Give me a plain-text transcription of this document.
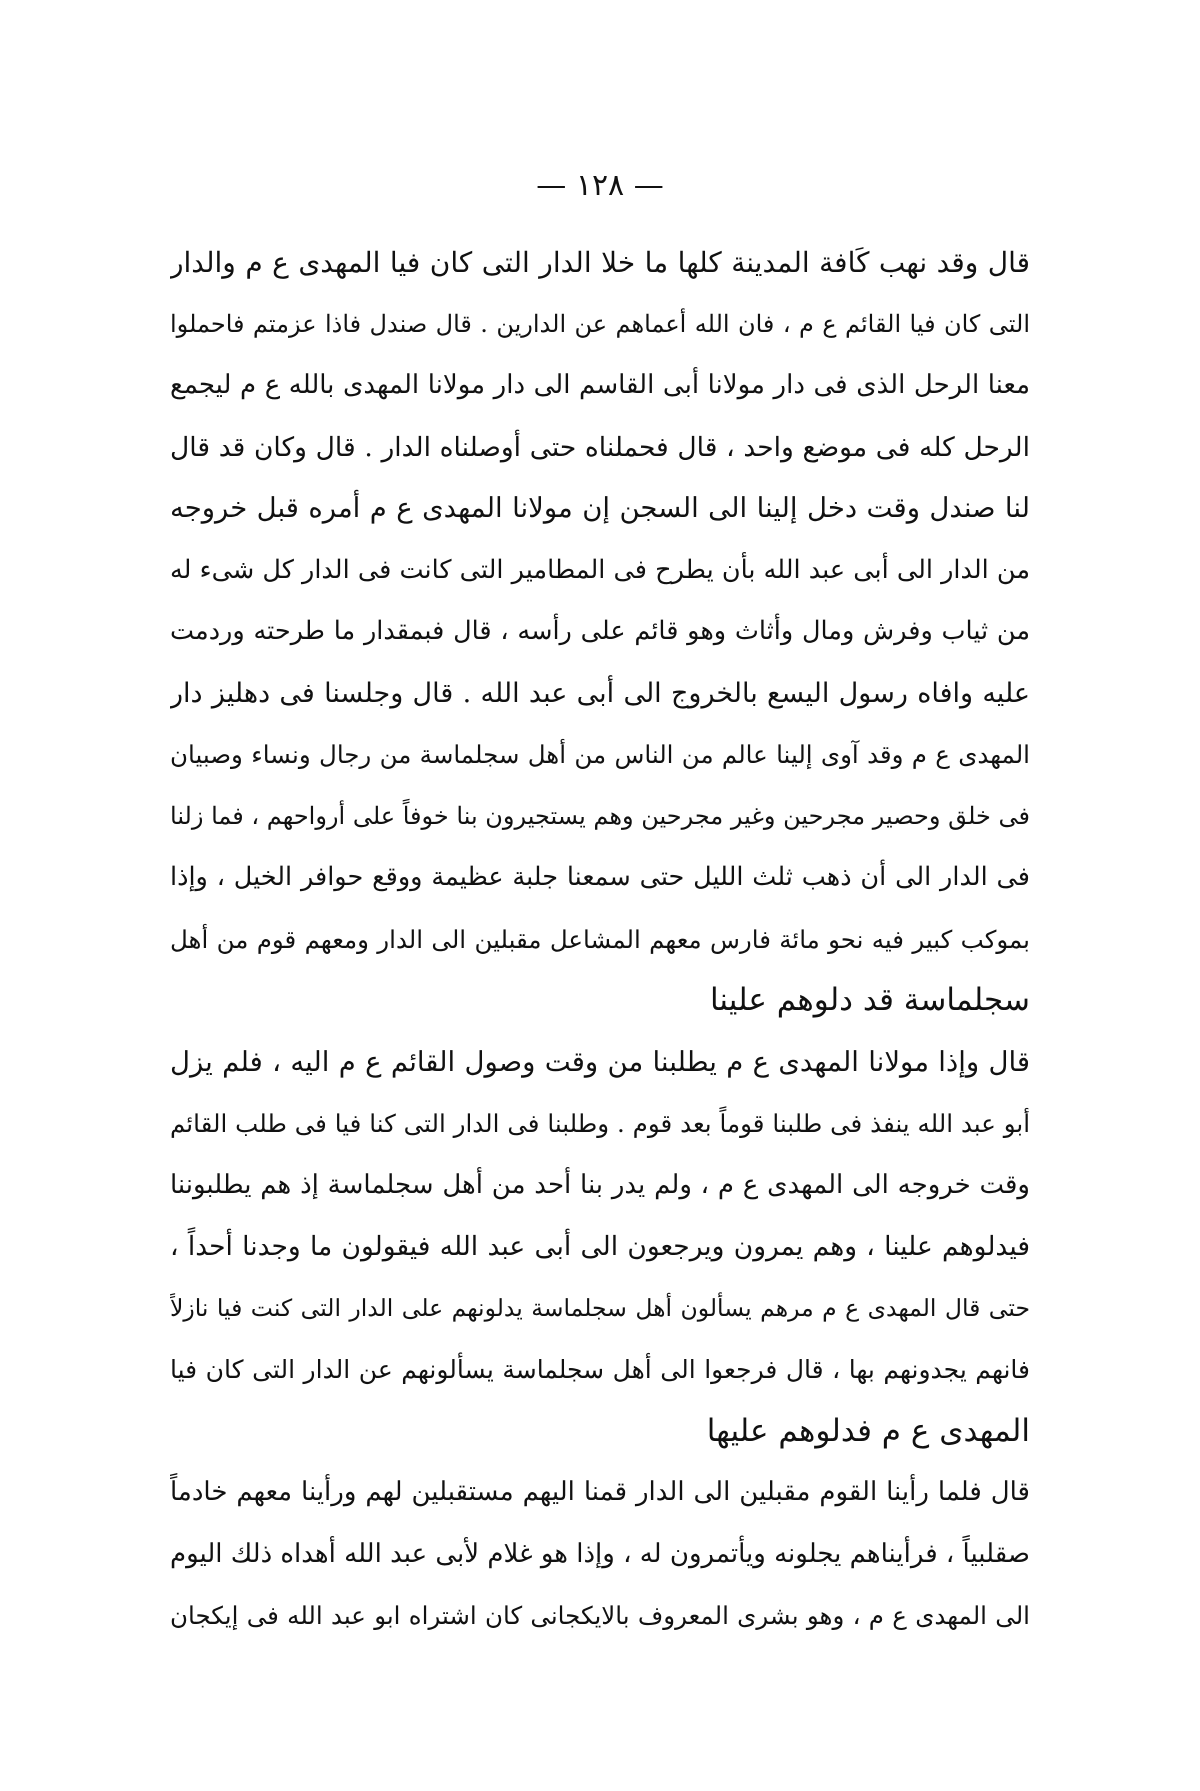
— ١٢٨ —
قال وقد نهب كَافة المدينة كلها ما خلا الدار التى كان فيا المهدى ع م والدار
التى كان فيا القائم ع م ، فان الله أعماهم عن الدارين . قال صندل فاذا عزمتم فاحملوا
معنا الرحل الذى فى دار مولانا أبى القاسم الى دار مولانا المهدى بالله ع م ليجمع
الرحل كله فى موضع واحد ، قال فحملناه حتى أوصلناه الدار . قال وكان قد قال
لنا صندل وقت دخل إلينا الى السجن إن مولانا المهدى ع م أمره قبل خروجه
من الدار الى أبى عبد الله بأن يطرح فى المطامير التى كانت فى الدار كل شىء له
من ثياب وفرش ومال وأثاث وهو قائم على رأسه ، قال فبمقدار ما طرحته وردمت
عليه وافاه رسول اليسع بالخروج الى أبى عبد الله . قال وجلسنا فى دهليز دار
المهدى ع م وقد آوى إلينا عالم من الناس من أهل سجلماسة من رجال ونساء وصبيان
فى خلق وحصير مجرحين وغير مجرحين وهم يستجيرون بنا خوفاً على أرواحهم ، فما زلنا
فى الدار الى أن ذهب ثلث الليل حتى سمعنا جلبة عظيمة ووقع حوافر الخيل ، وإذا
بموكب كبير فيه نحو مائة فارس معهم المشاعل مقبلين الى الدار ومعهم قوم من أهل
سجلماسة قد دلوهم علينا
قال وإذا مولانا المهدى ع م يطلبنا من وقت وصول القائم ع م اليه ، فلم يزل
أبو عبد الله ينفذ فى طلبنا قوماً بعد قوم . وطلبنا فى الدار التى كنا فيا فى طلب القائم
وقت خروجه الى المهدى ع م ، ولم يدر بنا أحد من أهل سجلماسة إذ هم يطلبوننا
فيدلوهم علينا ، وهم يمرون ويرجعون الى أبى عبد الله فيقولون ما وجدنا أحداً ،
حتى قال المهدى ع م مرهم يسألون أهل سجلماسة يدلونهم على الدار التى كنت فيا نازلاً
فانهم يجدونهم بها ، قال فرجعوا الى أهل سجلماسة يسألونهم عن الدار التى كان فيا
المهدى ع م فدلوهم عليها
قال فلما رأينا القوم مقبلين الى الدار قمنا اليهم مستقبلين لهم ورأينا معهم خادماً
صقلبياً ، فرأيناهم يجلونه ويأتمرون له ، وإذا هو غلام لأبى عبد الله أهداه ذلك اليوم
الى المهدى ع م ، وهو بشرى المعروف بالايكجانى كان اشتراه ابو عبد الله فى إيكجان
